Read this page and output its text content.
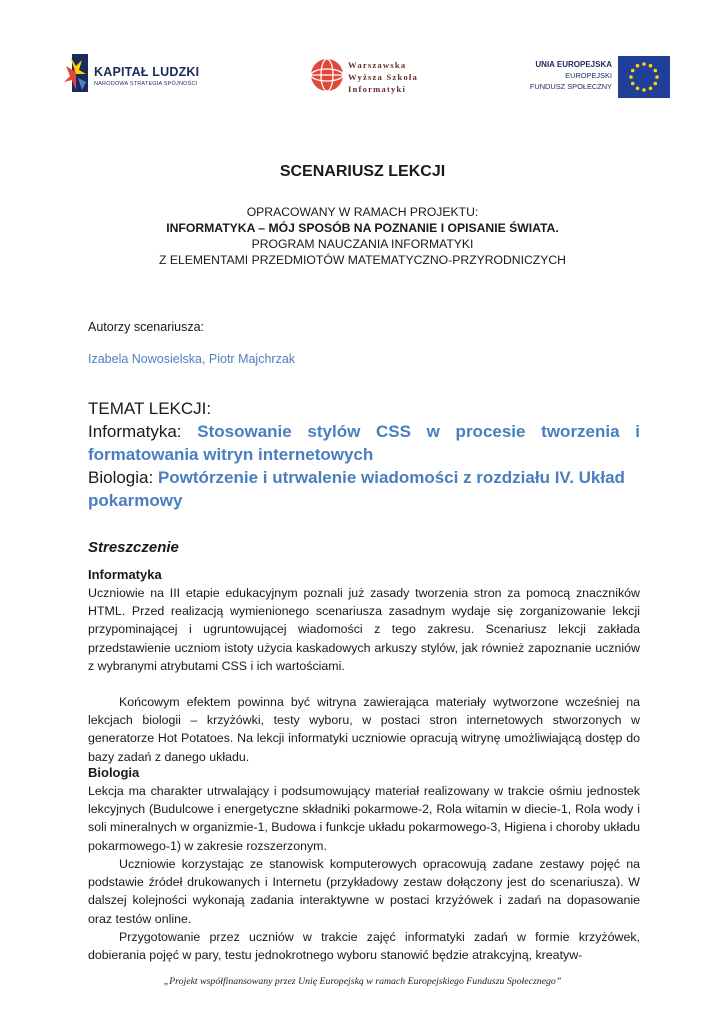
KAPITAŁ LUDZKI
NARODOWA STRATEGIA SPÓJNOŚCI
Warszawska
Wyższa Szkoła
Informatyki
UNIA EUROPEJSKA
EUROPEJSKI
FUNDUSZ SPOŁECZNY
SCENARIUSZ LEKCJI
OPRACOWANY W RAMACH PROJEKTU:
INFORMATYKA – MÓJ SPOSÓB NA POZNANIE I OPISANIE ŚWIATA.
PROGRAM NAUCZANIA INFORMATYKI
Z ELEMENTAMI PRZEDMIOTÓW MATEMATYCZNO-PRZYRODNICZYCH
Autorzy scenariusza:
Izabela Nowosielska, Piotr Majchrzak
TEMAT LEKCJI:
Informatyka: Stosowanie stylów CSS w procesie tworzenia i formatowania witryn internetowych
Biologia: Powtórzenie i utrwalenie wiadomości z rozdziału IV. Układ pokarmowy
Streszczenie
Informatyka

Uczniowie na III etapie edukacyjnym poznali już zasady tworzenia stron za pomocą znaczników HTML. Przed realizacją wymienionego scenariusza zasadnym wydaje się zorganizowanie lekcji przypominającej i ugruntowującej wiadomości z tego zakresu. Scenariusz lekcji zakłada przedstawienie uczniom istoty użycia kaskadowych arkuszy stylów, jak również zapoznanie uczniów z wybranymi atrybutami CSS i ich wartościami.

Końcowym efektem powinna być witryna zawierająca materiały wytworzone wcześniej na lekcjach biologii – krzyżówki, testy wyboru, w postaci stron internetowych stworzonych w generatorze Hot Potatoes. Na lekcji informatyki uczniowie opracują witrynę umożliwiającą dostęp do bazy zadań z danego układu.

Biologia

Lekcja ma charakter utrwalający i podsumowujący materiał realizowany w trakcie ośmiu jednostek lekcyjnych (Budulcowe i energetyczne składniki pokarmowe-2, Rola witamin w diecie-1, Rola wody i soli mineralnych w organizmie-1, Budowa i funkcje układu pokarmowego-3, Higiena i choroby układu pokarmowego-1) w zakresie rozszerzonym.

Uczniowie korzystając ze stanowisk komputerowych opracowują zadane zestawy pojęć na podstawie źródeł drukowanych i Internetu (przykładowy zestaw dołączony jest do scenariusza). W dalszej kolejności wykonają zadania interaktywne w postaci krzyżówek i zadań na dopasowanie oraz testów online.

Przygotowanie przez uczniów w trakcie zajęć informatyki zadań w formie krzyżówek, dobierania pojęć w pary, testu jednokrotnego wyboru stanowić będzie atrakcyjną, kreatyw-

„Projekt współfinansowany przez Unię Europejską w ramach Europejskiego Funduszu Społecznego”
